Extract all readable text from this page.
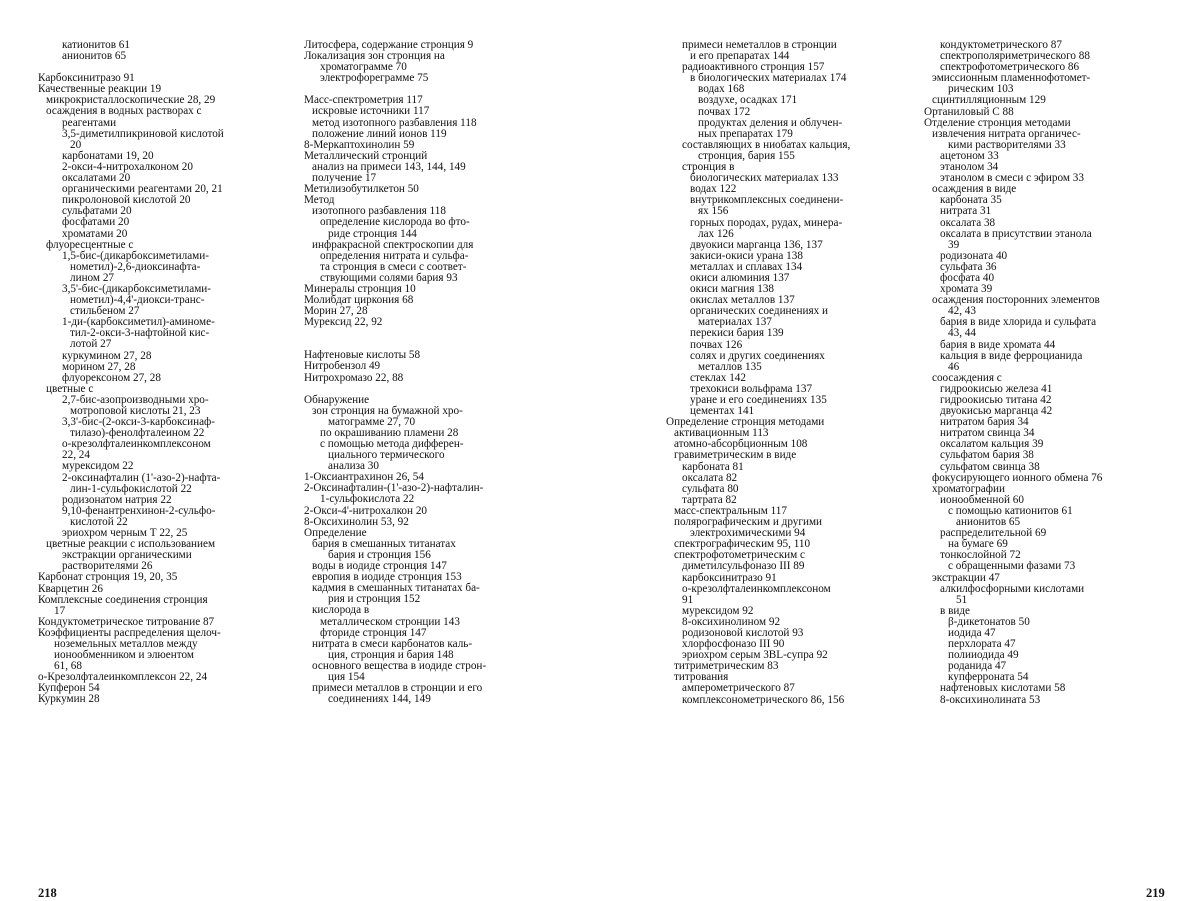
катионитов 61

анионитов 65

Карбоксинитразо 91

Качественные реакции 19

микрокристаллоскопические 28, 29

осаждения в водных растворах с

реагентами

3,5-диметилпикриновой кислотой

20

карбонатами 19, 20

2-окси-4-нитрохалконом 20

оксалатами 20

органическими реагентами 20, 21

пикролоновой кислотой 20

сульфатами 20

фосфатами 20

хроматами 20

флуоресцентные с

1,5-бис-(дикарбоксиметилами-

нометил)-2,6-диоксинафта-

лином 27

3,5'-бис-(дикарбоксиметилами-

нометил)-4,4'-диокси-транс-

стильбеном 27

1-ди-(карбоксиметил)-аминоме-

тил-2-окси-3-нафтойной кис-

лотой 27

куркумином 27, 28

морином 27, 28

флуорексоном 27, 28

цветные с

2,7-бис-азопроизводными хро-

мотроповой кислоты 21, 23

3,3'-бис-(2-окси-3-карбоксинаф-

тилазо)-фенолфталеином 22

о-крезолфталеинкомплексоном

22, 24

мурексидом 22

2-оксинафталин (1'-азо-2)-нафта-

лин-1-сульфокислотой 22

родизонатом натрия 22

9,10-фенантренхинон-2-сульфо-

кислотой 22

эриохром черным Т 22, 25

цветные реакции с использованием

экстракции органическими

растворителями 26

Карбонат стронция 19, 20, 35

Кварцетин 26

Комплексные соединения стронция

17

Кондуктометрическое титрование 87

Коэффициенты распределения щелоч-

ноземельных металлов между

ионообменником и элюентом

61, 68

о-Крезолфталеинкомплексон 22, 24

Купферон 54

Куркумин 28

Литосфера, содержание стронция 9

Локализация зон стронция на

хроматограмме 70

электрофореграмме 75

Масс-спектрометрия 117

искровые источники 117

метод изотопного разбавления 118

положение линий ионов 119

8-Меркаптохинолин 59

Металлический стронций

анализ на примеси 143, 144, 149

получение 17

Метилизобутилкетон 50

Метод

изотопного разбавления 118

определение кислорода во фто-

риде стронция 144

инфракрасной спектроскопии для

определения нитрата и сульфа-

та стронция в смеси с соответ-

ствующими солями бария 93

Минералы стронция 10

Молибдат циркония 68

Морин 27, 28

Мурексид 22, 92

Нафтеновые кислоты 58

Нитробензол 49

Нитрохромазо 22, 88

Обнаружение

зон стронция на бумажной хро-

матограмме 27, 70

по окрашиванию пламени 28

с помощью метода дифферен-

циального термического

анализа 30

1-Оксиантрахинон 26, 54

2-Оксинафталин-(1'-азо-2)-нафталин-

1-сульфокислота 22

2-Окси-4'-нитрохалкон 20

8-Оксихинолин 53, 92

Определение

бария в смешанных титанатах

бария и стронция 156

воды в иодиде стронция 147

европия в иодиде стронция 153

кадмия в смешанных титанатах ба-

рия и стронция 152

кислорода в

металлическом стронции 143

фториде стронция 147

нитрата в смеси карбонатов каль-

ция, стронция и бария 148

основного вещества в иодиде строн-

ция 154

примеси металлов в стронции и его

соединениях 144, 149

218

примеси неметаллов в стронции

и его препаратах 144

радиоактивного стронция 157

в биологических материалах 174

водах 168

воздухе, осадках 171

почвах 172

продуктах деления и облучен-

ных препаратах 179

составляющих в ниобатах кальция,

стронция, бария 155

стронция в

биологических материалах 133

водах 122

внутрикомплексных соединени-

ях 156

горных породах, рудах, минера-

лах 126

двуокиси марганца 136, 137

закиси-окиси урана 138

металлах и сплавах 134

окиси алюминия 137

окиси магния 138

окислах металлов 137

органических соединениях и

материалах 137

перекиси бария 139

почвах 126

солях и других соединениях

металлов 135

стеклах 142

трехокиси вольфрама 137

уране и его соединениях 135

цементах 141

Определение стронция методами

активационным 113

атомно-абсорбционным 108

гравиметрическим в виде

карбоната 81

оксалата 82

сульфата 80

тартрата 82

масс-спектральным 117

полярографическим и другими

электрохимическими 94

спектрографическим 95, 110

спектрофотометрическим с

диметилсульфоназо III 89

карбоксинитразо 91

о-крезолфталеинкомплексоном

91

мурексидом 92

8-оксихинолином 92

родизоновой кислотой 93

хлорфосфоназо III 90

эриохром серым 3BL-супра 92

титриметрическим 83

титрования

амперометрического 87

комплексонометрического 86, 156

кондуктометрического 87

спектрополяриметрического 88

спектрофотометрического 86

эмиссионным пламеннофотомет-

рическим 103

сцинтилляционным 129

Ортаниловый С 88

Отделение стронция методами

извлечения нитрата органичес-

кими растворителями 33

ацетоном 33

этанолом 34

этанолом в смеси с эфиром 33

осаждения в виде

карбоната 35

нитрата 31

оксалата 38

оксалата в присутствии этанола

39

родизоната 40

сульфата 36

фосфата 40

хромата 39

осаждения посторонних элементов

42, 43

бария в виде хлорида и сульфата

43, 44

бария в виде хромата 44

кальция в виде ферроцианида

46

соосаждения с

гидроокисью железа 41

гидроокисью титана 42

двуокисью марганца 42

нитратом бария 34

нитратом свинца 34

оксалатом кальция 39

сульфатом бария 38

сульфатом свинца 38

фокусирующего ионного обмена 76

хроматографии

ионообменной 60

с помощью катионитов 61

анионитов 65

распределительной 69

на бумаге 69

тонкослойной 72

с обращенными фазами 73

экстракции 47

алкилфосфорными кислотами

51

в виде

β-дикетонатов 50

иодида 47

перхлората 47

полииодида 49

роданида 47

купферроната 54

нафтеновых кислотами 58

8-оксихинолината 53

219
